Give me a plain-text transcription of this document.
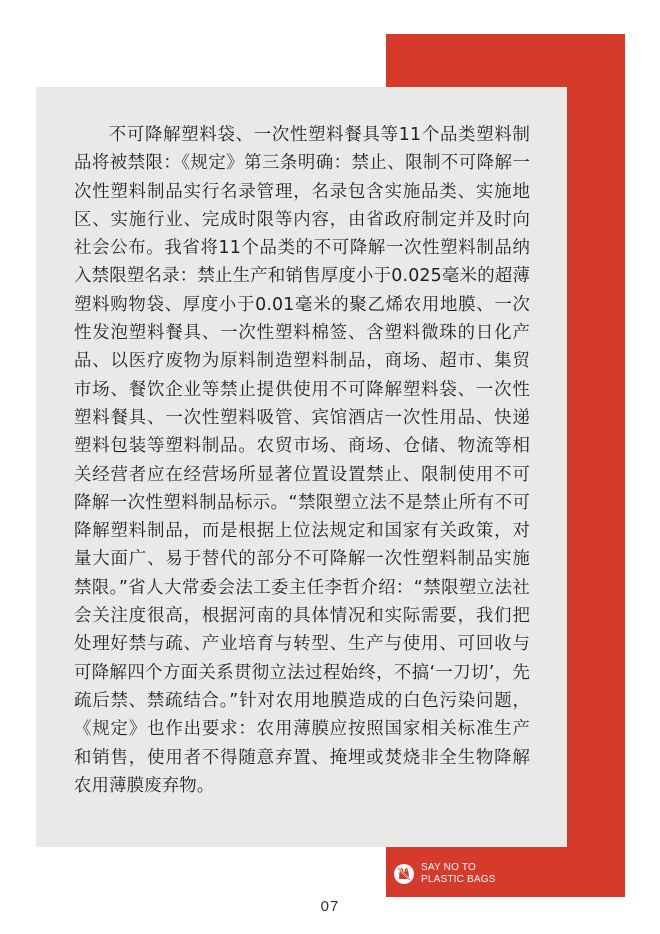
不可降解塑料袋、一次性塑料餐具等11个品类塑料制品将被禁限：《规定》第三条明确：禁止、限制不可降解一次性塑料制品实行名录管理，名录包含实施品类、实施地区、实施行业、完成时限等内容，由省政府制定并及时向社会公布。我省将11个品类的不可降解一次性塑料制品纳入禁限塑名录：禁止生产和销售厚度小于0.025毫米的超薄塑料购物袋、厚度小于0.01毫米的聚乙烯农用地膜、一次性发泡塑料餐具、一次性塑料棉签、含塑料微珠的日化产品、以医疗废物为原料制造塑料制品，商场、超市、集贸市场、餐饮企业等禁止提供使用不可降解塑料袋、一次性塑料餐具、一次性塑料吸管、宾馆酒店一次性用品、快递塑料包装等塑料制品。农贸市场、商场、仓储、物流等相关经营者应在经营场所显著位置设置禁止、限制使用不可降解一次性塑料制品标示。“禁限塑立法不是禁止所有不可降解塑料制品，而是根据上位法规定和国家有关政策，对量大面广、易于替代的部分不可降解一次性塑料制品实施禁限。”省人大常委会法工委主任李哲介绍：“禁限塑立法社会关注度很高，根据河南的具体情况和实际需要，我们把处理好禁与疏、产业培育与转型、生产与使用、可回收与可降解四个方面关系贯彻立法过程始终，不搞‘一刀切’，先疏后禁、禁疏结合。”针对农用地膜造成的白色污染问题，《规定》也作出要求：农用薄膜应按照国家相关标准生产和销售，使用者不得随意弃置、掩埋或焚烧非全生物降解农用薄膜废弃物。

SAY NO TO
PLASTIC BAGS
07
